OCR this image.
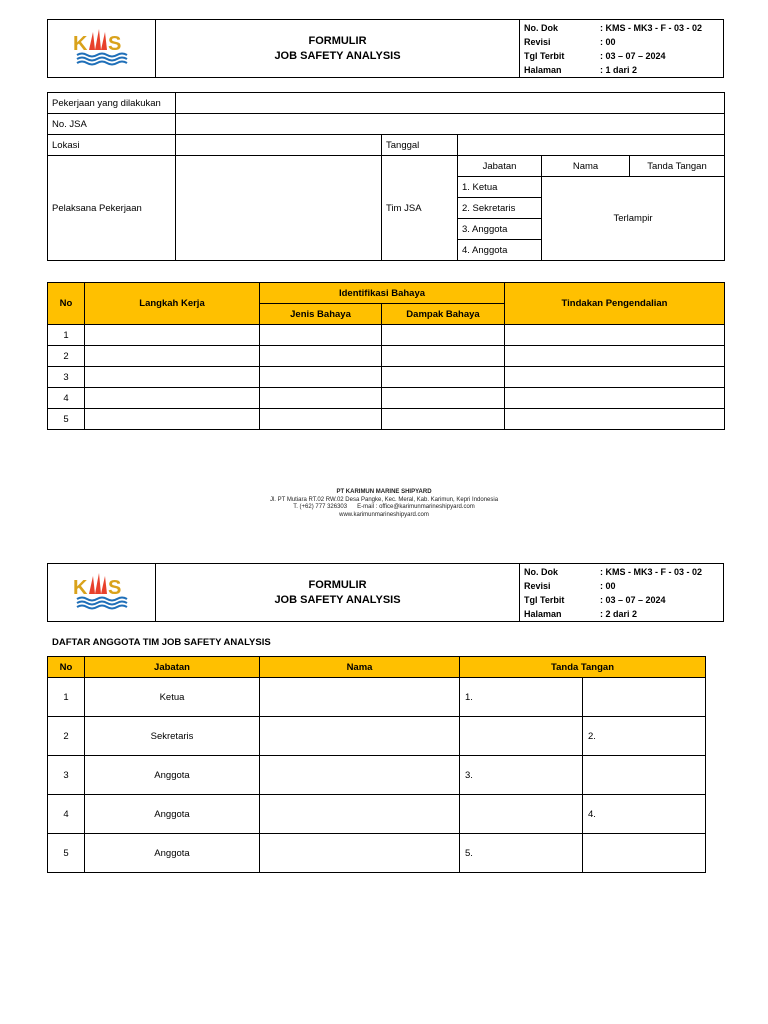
K S	FORMULIR
JOB SAFETY ANALYSIS

No. Dok	: KMS - MK3 - F - 03 - 02
Revisi	: 00
Tgl Terbit	: 03 – 07 – 2024
Halaman	: 1 dari 2
Pekerjaan yang dilakukan					
No. JSA					
Lokasi		Tanggal			
Pelaksana Pekerjaan		Tim JSA	Jabatan	Nama	Tanda Tangan
			1. Ketua	Terlampir	
			2. Sekretaris		
			3. Anggota		
			4. Anggota		
No	Langkah Kerja	Identifikasi Bahaya		Tindakan Pengendalian
		Jenis Bahaya	Dampak Bahaya	
1				
2				
3				
4				
5				
PT KARIMUN MARINE SHIPYARD
Jl. PT Mutiara RT.02 RW.02 Desa Pangke, Kec. Meral, Kab. Karimun, Kepri Indonesia
T. (+62) 777 326303      E-mail : office@karimunmarineshipyard.com
www.karimunmarineshipyard.com
K S	FORMULIR
JOB SAFETY ANALYSIS

No. Dok	: KMS - MK3 - F - 03 - 02
Revisi	: 00
Tgl Terbit	: 03 – 07 – 2024
Halaman	: 2 dari 2
DAFTAR ANGGOTA TIM JOB SAFETY ANALYSIS
No	Jabatan	Nama	Tanda Tangan	
1	Ketua		1.	
2	Sekretaris			2.
3	Anggota		3.	
4	Anggota			4.
5	Anggota		5.	
